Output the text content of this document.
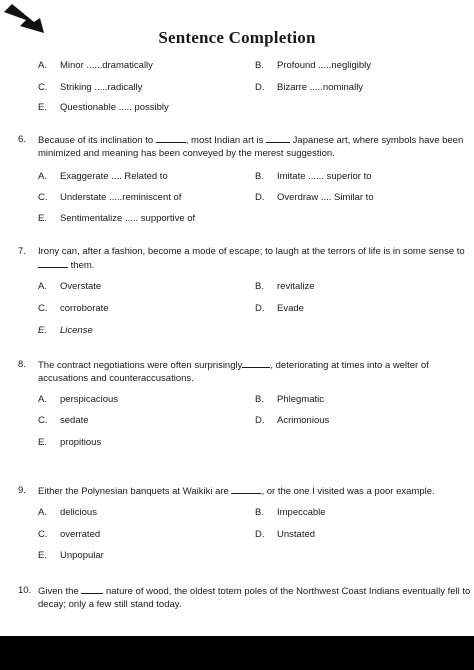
Sentence Completion
A. Minor ......dramatically	B. Profound .....negligibly
C. Striking .....radically	D. Bizarre .....nominally
E. Questionable ..... possibly
6. Because of its inclination to	, most Indian art is	Japanese art, where symbols have been
minimized and meaning has been conveyed by the merest suggestion.
A. Exaggerate .... Related to	B. Imitate ...... superior to
C. Understate .....reminiscent of	D. Overdraw .... Similar to
E. Sentimentalize ..... supportive of
7. Irony can, after a fashion, become a mode of escape; to laugh at the terrors of life is in some sense to
them.
A. Overstate	B. revitalize
C. corroborate	D. Evade
E. License
8. The contract negotiations were often surprisingly	, deteriorating at times into a welter of
accusations and counteraccusations.
A. perspicacious	B. Phlegmatic
C. sedate	D. Acrimonious
E. propitious
9. Either the Polynesian banquets at Waikiki are	, or the one I visited was a poor example.
A. delicious	B. Impeccable
C. overrated	D. Unstated
E. Unpopular
10. Given the	nature of wood, the oldest totem poles of the Northwest Coast Indians eventually fell to
decay; only a few still stand today.
